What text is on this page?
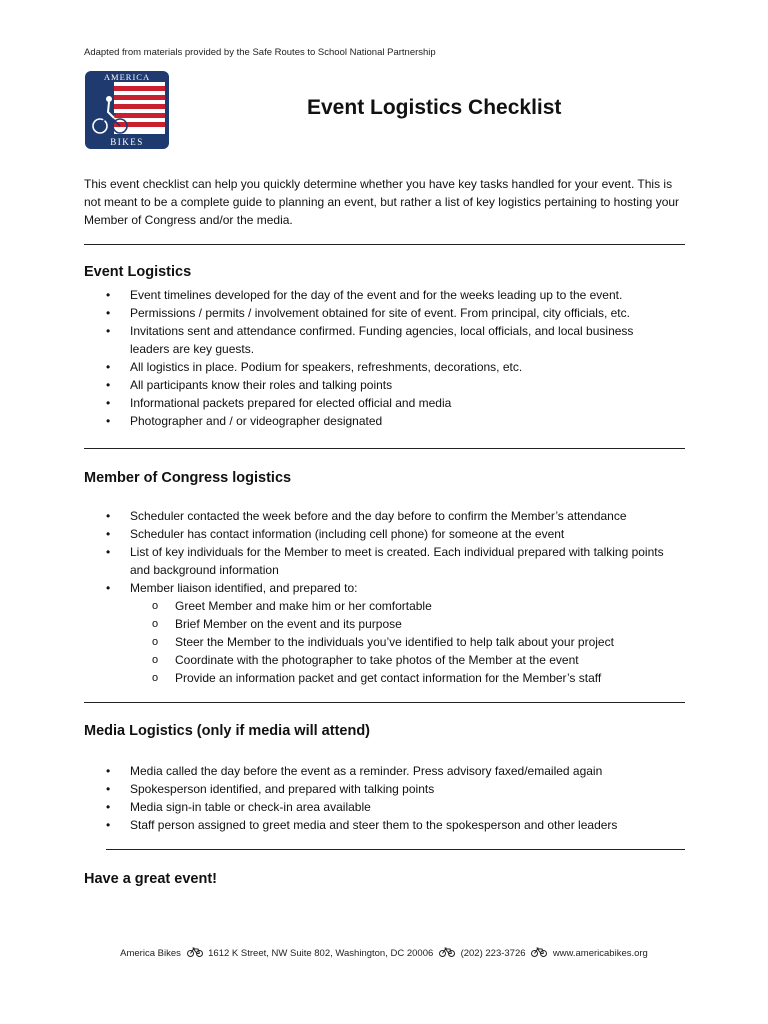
Adapted from materials provided by the Safe Routes to School National Partnership
AMERICA
BIKES
Event Logistics Checklist
This event checklist can help you quickly determine whether you have key tasks handled for your event. This is not meant to be a complete guide to planning an event, but rather a list of key logistics pertaining to hosting your Member of Congress and/or the media.
Event Logistics
• Event timelines developed for the day of the event and for the weeks leading up to the event.
• Permissions / permits / involvement obtained for site of event. From principal, city officials, etc.
• Invitations sent and attendance confirmed. Funding agencies, local officials, and local business leaders are key guests.
• All logistics in place. Podium for speakers, refreshments, decorations, etc.
• All participants know their roles and talking points
• Informational packets prepared for elected official and media
• Photographer and / or videographer designated
Member of Congress logistics
• Scheduler contacted the week before and the day before to confirm the Member’s attendance
• Scheduler has contact information (including cell phone) for someone at the event
• List of key individuals for the Member to meet is created. Each individual prepared with talking points and background information
• Member liaison identified, and prepared to:
o Greet Member and make him or her comfortable
o Brief Member on the event and its purpose
o Steer the Member to the individuals you’ve identified to help talk about your project
o Coordinate with the photographer to take photos of the Member at the event
o Provide an information packet and get contact information for the Member’s staff
Media Logistics (only if media will attend)
• Media called the day before the event as a reminder. Press advisory faxed/emailed again
• Spokesperson identified, and prepared with talking points
• Media sign-in table or check-in area available
• Staff person assigned to greet media and steer them to the spokesperson and other leaders
Have a great event!
America Bikes	1612 K Street, NW Suite 802, Washington, DC 20006	(202) 223-3726	www.americabikes.org
